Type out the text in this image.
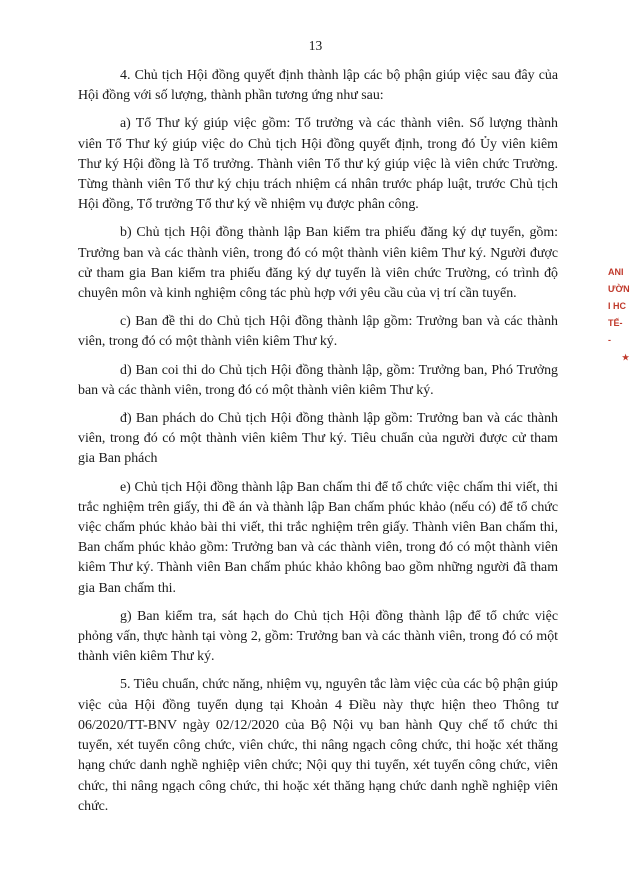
13

4. Chủ tịch Hội đồng quyết định thành lập các bộ phận giúp việc sau đây của Hội đồng với số lượng, thành phần tương ứng như sau:

a) Tổ Thư ký giúp việc gồm: Tổ trưởng và các thành viên. Số lượng thành viên Tổ Thư ký giúp việc do Chủ tịch Hội đồng quyết định, trong đó Ủy viên kiêm Thư ký Hội đồng là Tổ trưởng. Thành viên Tổ thư ký giúp việc là viên chức Trường. Từng thành viên Tổ thư ký chịu trách nhiệm cá nhân trước pháp luật, trước Chủ tịch Hội đồng, Tổ trưởng Tổ thư ký về nhiệm vụ được phân công.

b) Chủ tịch Hội đồng thành lập Ban kiểm tra phiếu đăng ký dự tuyển, gồm: Trưởng ban và các thành viên, trong đó có một thành viên kiêm Thư ký. Người được cử tham gia Ban kiểm tra phiếu đăng ký dự tuyển là viên chức Trường, có trình độ chuyên môn và kinh nghiệm công tác phù hợp với yêu cầu của vị trí cần tuyển.

c) Ban đề thi do Chủ tịch Hội đồng thành lập gồm: Trưởng ban và các thành viên, trong đó có một thành viên kiêm Thư ký.

d) Ban coi thi do Chủ tịch Hội đồng thành lập, gồm: Trưởng ban, Phó Trưởng ban và các thành viên, trong đó có một thành viên kiêm Thư ký.

đ) Ban phách do Chủ tịch Hội đồng thành lập gồm: Trưởng ban và các thành viên, trong đó có một thành viên kiêm Thư ký. Tiêu chuẩn của người được cử tham gia Ban phách

e) Chủ tịch Hội đồng thành lập Ban chấm thi để tổ chức việc chấm thi viết, thi trắc nghiệm trên giấy, thi đề án và thành lập Ban chấm phúc khảo (nếu có) để tổ chức việc chấm phúc khảo bài thi viết, thi trắc nghiệm trên giấy. Thành viên Ban chấm thi, Ban chấm phúc khảo gồm: Trưởng ban và các thành viên, trong đó có một thành viên kiêm Thư ký. Thành viên Ban chấm phúc khảo không bao gồm những người đã tham gia Ban chấm thi.

g) Ban kiểm tra, sát hạch do Chủ tịch Hội đồng thành lập để tổ chức việc phỏng vấn, thực hành tại vòng 2, gồm: Trưởng ban và các thành viên, trong đó có một thành viên kiêm Thư ký.

5. Tiêu chuẩn, chức năng, nhiệm vụ, nguyên tắc làm việc của các bộ phận giúp việc của Hội đồng tuyển dụng tại Khoản 4 Điều này thực hiện theo Thông tư 06/2020/TT-BNV ngày 02/12/2020 của Bộ Nội vụ ban hành Quy chế tổ chức thi tuyển, xét tuyển công chức, viên chức, thi nâng ngạch công chức, thi hoặc xét thăng hạng chức danh nghề nghiệp viên chức; Nội quy thi tuyển, xét tuyển công chức, viên chức, thi nâng ngạch công chức, thi hoặc xét thăng hạng chức danh nghề nghiệp viên chức.

ANI
ƯỜN
I HC
TẾ-
-
★
